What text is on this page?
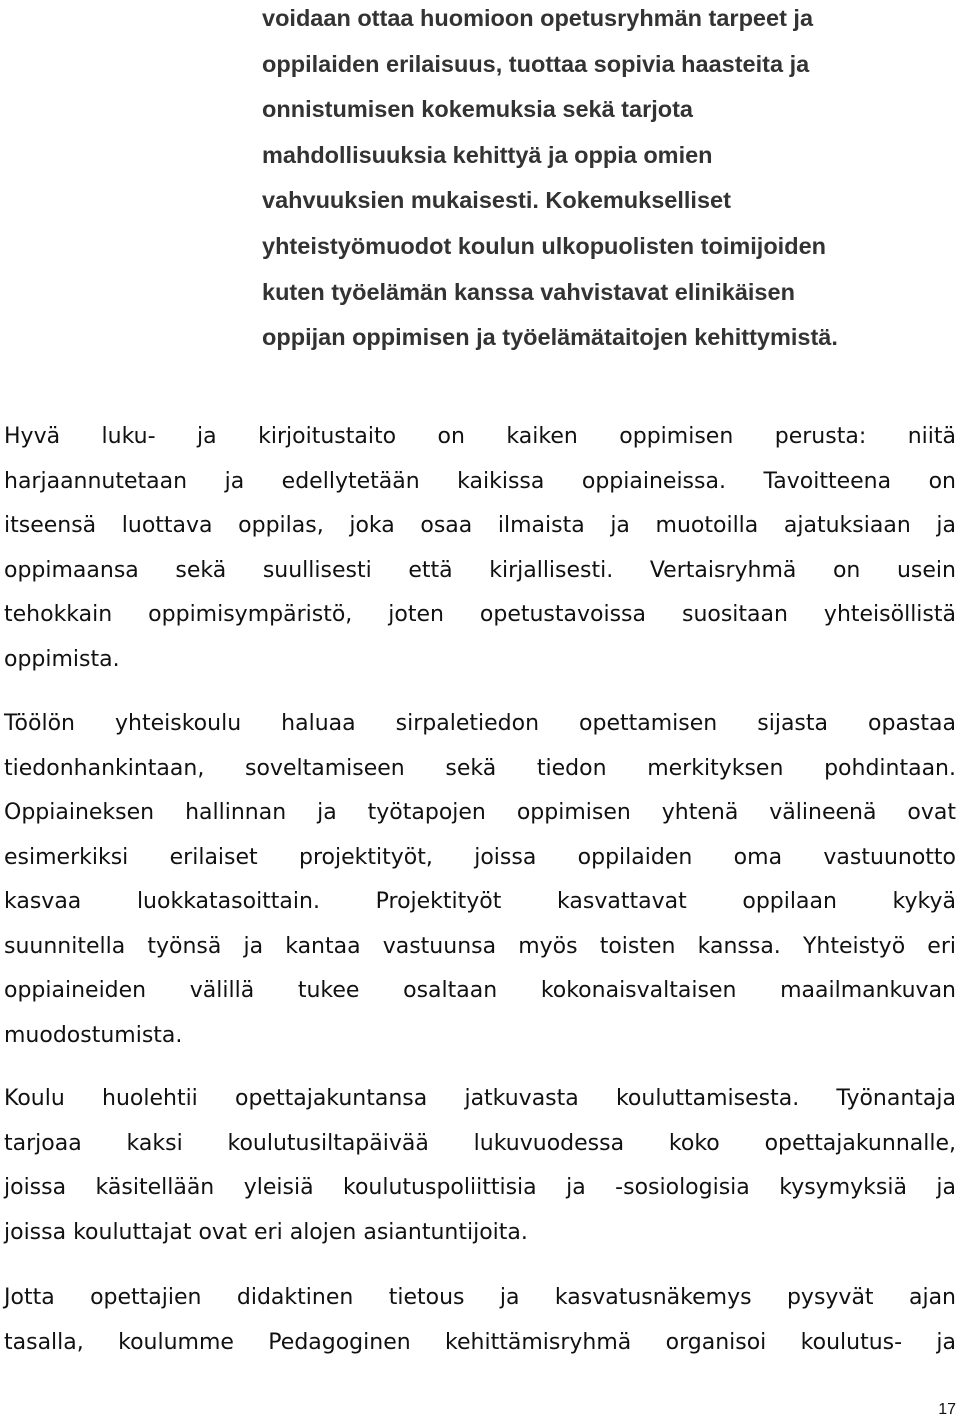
voidaan ottaa huomioon opetusryhmän tarpeet ja
oppilaiden erilaisuus, tuottaa sopivia haasteita ja
onnistumisen kokemuksia sekä tarjota
mahdollisuuksia kehittyä ja oppia omien
vahvuuksien mukaisesti. Kokemukselliset
yhteistyömuodot koulun ulkopuolisten toimijoiden
kuten työelämän kanssa vahvistavat elinikäisen
oppijan oppimisen ja työelämätaitojen kehittymistä.
Hyvä luku- ja kirjoitustaito on kaiken oppimisen perusta: niitä
harjaannutetaan ja edellytetään kaikissa oppiaineissa. Tavoitteena on
itseensä luottava oppilas, joka osaa ilmaista ja muotoilla ajatuksiaan ja
oppimaansa sekä suullisesti että kirjallisesti. Vertaisryhmä on usein
tehokkain oppimisympäristö, joten opetustavoissa suositaan yhteisöllistä
oppimista.
Töölön yhteiskoulu haluaa sirpaletiedon opettamisen sijasta opastaa
tiedonhankintaan, soveltamiseen sekä tiedon merkityksen pohdintaan.
Oppiaineksen hallinnan ja työtapojen oppimisen yhtenä välineenä ovat
esimerkiksi erilaiset projektityöt, joissa oppilaiden oma vastuunotto
kasvaa luokkatasoittain. Projektityöt kasvattavat oppilaan kykyä
suunnitella työnsä ja kantaa vastuunsa myös toisten kanssa. Yhteistyö eri
oppiaineiden välillä tukee osaltaan kokonaisvaltaisen maailmankuvan
muodostumista.
Koulu huolehtii opettajakuntansa jatkuvasta kouluttamisesta. Työnantaja
tarjoaa kaksi koulutusiltapäivää lukuvuodessa koko opettajakunnalle,
joissa käsitellään yleisiä koulutuspoliittisia ja -sosiologisia kysymyksiä ja
joissa kouluttajat ovat eri alojen asiantuntijoita.
Jotta opettajien didaktinen tietous ja kasvatusnäkemys pysyvät ajan
tasalla, koulumme Pedagoginen kehittämisryhmä organisoi koulutus- ja
17
